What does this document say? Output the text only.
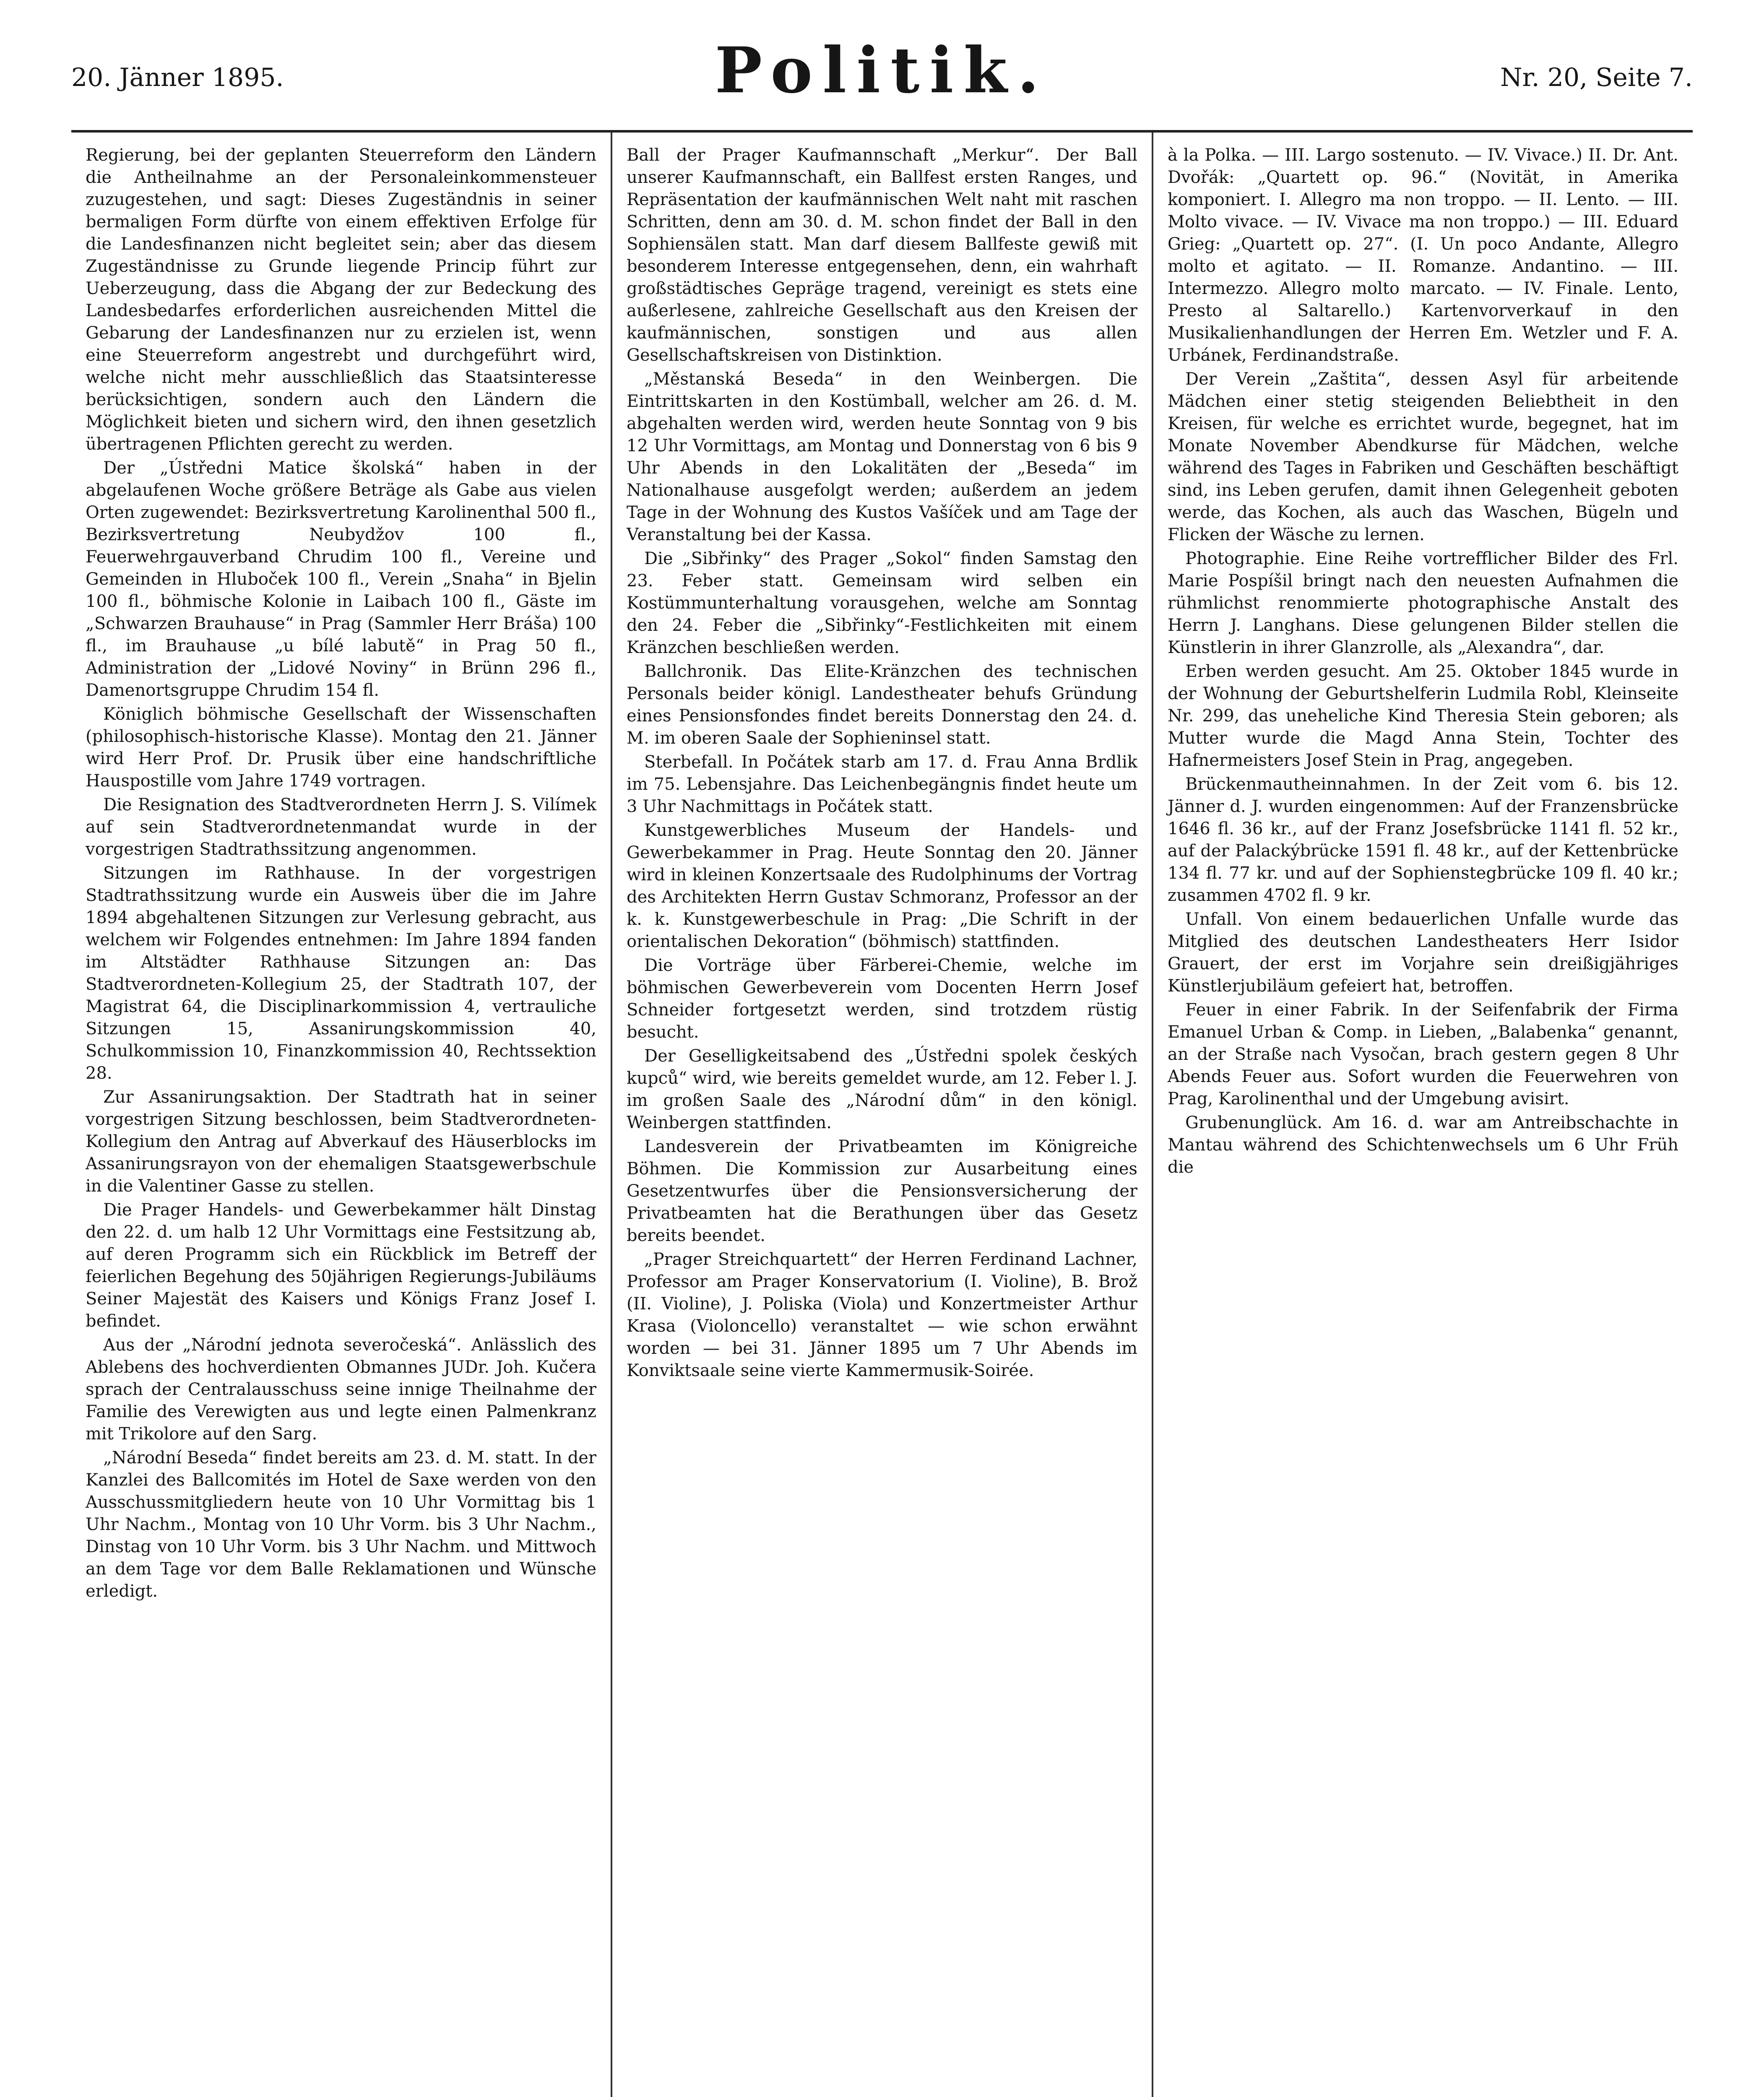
20. Jänner 1895.	Politik.	Nr. 20, Seite 7.

Regierung, bei der geplanten Steuerreform den Ländern die Antheilnahme an der Personaleinkommensteuer zuzugestehen, und sagt: Dieses Zugeständnis in seiner bermaligen Form dürfte von einem effektiven Erfolge für die Landesfinanzen nicht begleitet sein; aber das diesem Zugeständnisse zu Grunde liegende Princip führt zur Ueberzeugung, dass die Abgang der zur Bedeckung des Landesbedarfes erforderlichen ausreichenden Mittel die Gebarung der Landesfinanzen nur zu erzielen ist, wenn eine Steuerreform angestrebt und durchgeführt wird, welche nicht mehr ausschließlich das Staatsinteresse berücksichtigen, sondern auch den Ländern die Möglichkeit bieten und sichern wird, den ihnen gesetzlich übertragenen Pflichten gerecht zu werden.

Der „Ústředni Matice školská“ haben in der abgelaufenen Woche größere Beträge als Gabe aus vielen Orten zugewendet: Bezirksvertretung Karolinenthal 500 fl., Bezirksvertretung Neubydžov 100 fl., Feuerwehrgauverband Chrudim 100 fl., Vereine und Gemeinden in Hluboček 100 fl., Verein „Snaha“ in Bjelin 100 fl., böhmische Kolonie in Laibach 100 fl., Gäste im „Schwarzen Brauhause“ in Prag (Sammler Herr Bráša) 100 fl., im Brauhause „u bílé labutě“ in Prag 50 fl., Administration der „Lidové Noviny“ in Brünn 296 fl., Damenortsgruppe Chrudim 154 fl.

Königlich böhmische Gesellschaft der Wissenschaften (philosophisch-historische Klasse). Montag den 21. Jänner wird Herr Prof. Dr. Prusik über eine handschriftliche Hauspostille vom Jahre 1749 vortragen.

Die Resignation des Stadtverordneten Herrn J. S. Vilímek auf sein Stadtverordnetenmandat wurde in der vorgestrigen Stadtrathssitzung angenommen.

Sitzungen im Rathhause. In der vorgestrigen Stadtrathssitzung wurde ein Ausweis über die im Jahre 1894 abgehaltenen Sitzungen zur Verlesung gebracht, aus welchem wir Folgendes entnehmen: Im Jahre 1894 fanden im Altstädter Rathhause Sitzungen an: Das Stadtverordneten-Kollegium 25, der Stadtrath 107, der Magistrat 64, die Disciplinarkommission 4, vertrauliche Sitzungen 15, Assanirungskommission 40, Schulkommission 10, Finanzkommission 40, Rechtssektion 28.

Zur Assanirungsaktion. Der Stadtrath hat in seiner vorgestrigen Sitzung beschlossen, beim Stadtverordneten-Kollegium den Antrag auf Abverkauf des Häuserblocks im Assanirungsrayon von der ehemaligen Staatsgewerbschule in die Valentiner Gasse zu stellen.

Die Prager Handels- und Gewerbekammer hält Dinstag den 22. d. um halb 12 Uhr Vormittags eine Festsitzung ab, auf deren Programm sich ein Rückblick im Betreff der feierlichen Begehung des 50jährigen Regierungs-Jubiläums Seiner Majestät des Kaisers und Königs Franz Josef I. befindet.

Aus der „Národní jednota severočeská“. Anlässlich des Ablebens des hochverdienten Obmannes JUDr. Joh. Kučera sprach der Centralausschuss seine innige Theilnahme der Familie des Verewigten aus und legte einen Palmenkranz mit Trikolore auf den Sarg.

„Národní Beseda“ findet bereits am 23. d. M. statt. In der Kanzlei des Ballcomités im Hotel de Saxe werden von den Ausschussmitgliedern heute von 10 Uhr Vormittag bis 1 Uhr Nachm., Montag von 10 Uhr Vorm. bis 3 Uhr Nachm., Dinstag von 10 Uhr Vorm. bis 3 Uhr Nachm. und Mittwoch an dem Tage vor dem Balle Reklamationen und Wünsche erledigt.

Ball der Prager Kaufmannschaft „Merkur“. Der Ball unserer Kaufmannschaft, ein Ballfest ersten Ranges, und Repräsentation der kaufmännischen Welt naht mit raschen Schritten, denn am 30. d. M. schon findet der Ball in den Sophiensälen statt. Man darf diesem Ballfeste gewiß mit besonderem Interesse entgegensehen, denn, ein wahrhaft großstädtisches Gepräge tragend, vereinigt es stets eine außerlesene, zahlreiche Gesellschaft aus den Kreisen der kaufmännischen, sonstigen und aus allen Gesellschaftskreisen von Distinktion.

„Městanská Beseda“ in den Weinbergen. Die Eintrittskarten in den Kostümball, welcher am 26. d. M. abgehalten werden wird, werden heute Sonntag von 9 bis 12 Uhr Vormittags, am Montag und Donnerstag von 6 bis 9 Uhr Abends in den Lokalitäten der „Beseda“ im Nationalhause ausgefolgt werden; außerdem an jedem Tage in der Wohnung des Kustos Vašíček und am Tage der Veranstaltung bei der Kassa.

Die „Sibřinky“ des Prager „Sokol“ finden Samstag den 23. Feber statt. Gemeinsam wird selben ein Kostümmunterhaltung vorausgehen, welche am Sonntag den 24. Feber die „Sibřinky“-Festlichkeiten mit einem Kränzchen beschließen werden.

Ballchronik. Das Elite-Kränzchen des technischen Personals beider königl. Landestheater behufs Gründung eines Pensionsfondes findet bereits Donnerstag den 24. d. M. im oberen Saale der Sophieninsel statt.

Sterbefall. In Počátek starb am 17. d. Frau Anna Brdlik im 75. Lebensjahre. Das Leichenbegängnis findet heute um 3 Uhr Nachmittags in Počátek statt.

Kunstgewerbliches Museum der Handels- und Gewerbekammer in Prag. Heute Sonntag den 20. Jänner wird in kleinen Konzertsaale des Rudolphinums der Vortrag des Architekten Herrn Gustav Schmoranz, Professor an der k. k. Kunstgewerbeschule in Prag: „Die Schrift in der orientalischen Dekoration“ (böhmisch) stattfinden.

Die Vorträge über Färberei-Chemie, welche im böhmischen Gewerbeverein vom Docenten Herrn Josef Schneider fortgesetzt werden, sind trotzdem rüstig besucht.

Der Geselligkeitsabend des „Ústředni spolek českých kupců“ wird, wie bereits gemeldet wurde, am 12. Feber l. J. im großen Saale des „Národní dům“ in den königl. Weinbergen stattfinden.

Landesverein der Privatbeamten im Königreiche Böhmen. Die Kommission zur Ausarbeitung eines Gesetzentwurfes über die Pensionsversicherung der Privatbeamten hat die Berathungen über das Gesetz bereits beendet.

„Prager Streichquartett“ der Herren Ferdinand Lachner, Professor am Prager Konservatorium (I. Violine), B. Brož (II. Violine), J. Poliska (Viola) und Konzertmeister Arthur Krasa (Violoncello) veranstaltet — wie schon erwähnt worden — bei 31. Jänner 1895 um 7 Uhr Abends im Konviktsaale seine vierte Kammermusik-Soirée.

à la Polka. — III. Largo sostenuto. — IV. Vivace.) II. Dr. Ant. Dvořák: „Quartett op. 96.“ (Novität, in Amerika komponiert. I. Allegro ma non troppo. — II. Lento. — III. Molto vivace. — IV. Vivace ma non troppo.) — III. Eduard Grieg: „Quartett op. 27“. (I. Un poco Andante, Allegro molto et agitato. — II. Romanze. Andantino. — III. Intermezzo. Allegro molto marcato. — IV. Finale. Lento, Presto al Saltarello.) Kartenvorverkauf in den Musikalienhandlungen der Herren Em. Wetzler und F. A. Urbánek, Ferdinandstraße.

Der Verein „Zaštita“, dessen Asyl für arbeitende Mädchen einer stetig steigenden Beliebtheit in den Kreisen, für welche es errichtet wurde, begegnet, hat im Monate November Abendkurse für Mädchen, welche während des Tages in Fabriken und Geschäften beschäftigt sind, ins Leben gerufen, damit ihnen Gelegenheit geboten werde, das Kochen, als auch das Waschen, Bügeln und Flicken der Wäsche zu lernen.

Photographie. Eine Reihe vortrefflicher Bilder des Frl. Marie Pospíšil bringt nach den neuesten Aufnahmen die rühmlichst renommierte photographische Anstalt des Herrn J. Langhans. Diese gelungenen Bilder stellen die Künstlerin in ihrer Glanzrolle, als „Alexandra“, dar.

Erben werden gesucht. Am 25. Oktober 1845 wurde in der Wohnung der Geburtshelferin Ludmila Robl, Kleinseite Nr. 299, das uneheliche Kind Theresia Stein geboren; als Mutter wurde die Magd Anna Stein, Tochter des Hafnermeisters Josef Stein in Prag, angegeben.

Brückenmautheinnahmen. In der Zeit vom 6. bis 12. Jänner d. J. wurden eingenommen: Auf der Franzensbrücke 1646 fl. 36 kr., auf der Franz Josefsbrücke 1141 fl. 52 kr., auf der Palackýbrücke 1591 fl. 48 kr., auf der Kettenbrücke 134 fl. 77 kr. und auf der Sophienstegbrücke 109 fl. 40 kr.; zusammen 4702 fl. 9 kr.

Unfall. Von einem bedauerlichen Unfalle wurde das Mitglied des deutschen Landestheaters Herr Isidor Grauert, der erst im Vorjahre sein dreißigjähriges Künstlerjubiläum gefeiert hat, betroffen.

Feuer in einer Fabrik. In der Seifenfabrik der Firma Emanuel Urban & Comp. in Lieben, „Balabenka“ genannt, an der Straße nach Vysočan, brach gestern gegen 8 Uhr Abends Feuer aus. Sofort wurden die Feuerwehren von Prag, Karolinenthal und der Umgebung avisirt.

Grubenunglück. Am 16. d. war am Antreibschachte in Mantau während des Schichtenwechsels um 6 Uhr Früh die
